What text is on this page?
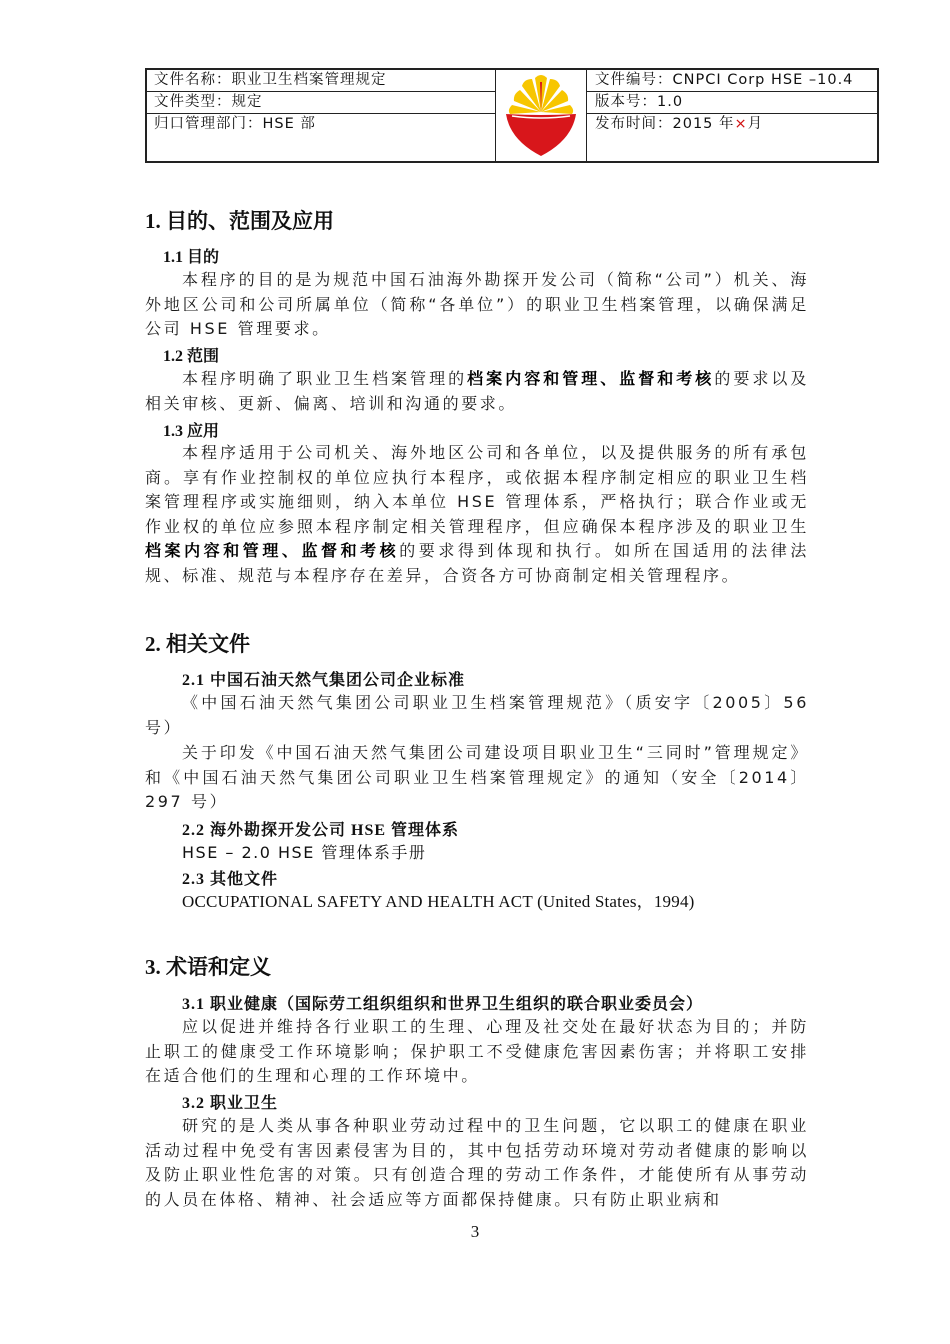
文件名称：职业卫生档案管理规定
文件类型：规定
归口管理部门：HSE 部
文件编号：CNPCI Corp HSE –10.4
版本号：1.0
发布时间：2015 年×月
1. 目的、范围及应用
1.1 目的
本程序的目的是为规范中国石油海外勘探开发公司（简称“公司”）机关、海外地区公司和公司所属单位（简称“各单位”）的职业卫生档案管理，以确保满足公司 HSE 管理要求。
1.2 范围
本程序明确了职业卫生档案管理的档案内容和管理、监督和考核的要求以及相关审核、更新、偏离、培训和沟通的要求。
1.3 应用
本程序适用于公司机关、海外地区公司和各单位，以及提供服务的所有承包商。享有作业控制权的单位应执行本程序，或依据本程序制定相应的职业卫生档案管理程序或实施细则，纳入本单位 HSE 管理体系，严格执行；联合作业或无作业权的单位应参照本程序制定相关管理程序，但应确保本程序涉及的职业卫生档案内容和管理、监督和考核的要求得到体现和执行。如所在国适用的法律法规、标准、规范与本程序存在差异，合资各方可协商制定相关管理程序。
2. 相关文件
2.1 中国石油天然气集团公司企业标准
《中国石油天然气集团公司职业卫生档案管理规范》（质安字〔2005〕56号）
关于印发《中国石油天然气集团公司建设项目职业卫生“三同时”管理规定》和《中国石油天然气集团公司职业卫生档案管理规定》的通知（安全〔2014〕297 号）
2.2 海外勘探开发公司 HSE 管理体系
HSE – 2.0 HSE 管理体系手册
2.3 其他文件
OCCUPATIONAL SAFETY AND HEALTH ACT (United States，1994)
3. 术语和定义
3.1 职业健康（国际劳工组织组织和世界卫生组织的联合职业委员会）
应以促进并维持各行业职工的生理、心理及社交处在最好状态为目的；并防止职工的健康受工作环境影响；保护职工不受健康危害因素伤害；并将职工安排在适合他们的生理和心理的工作环境中。
3.2 职业卫生
研究的是人类从事各种职业劳动过程中的卫生问题，它以职工的健康在职业活动过程中免受有害因素侵害为目的，其中包括劳动环境对劳动者健康的影响以及防止职业性危害的对策。只有创造合理的劳动工作条件，才能使所有从事劳动的人员在体格、精神、社会适应等方面都保持健康。只有防止职业病和
3
